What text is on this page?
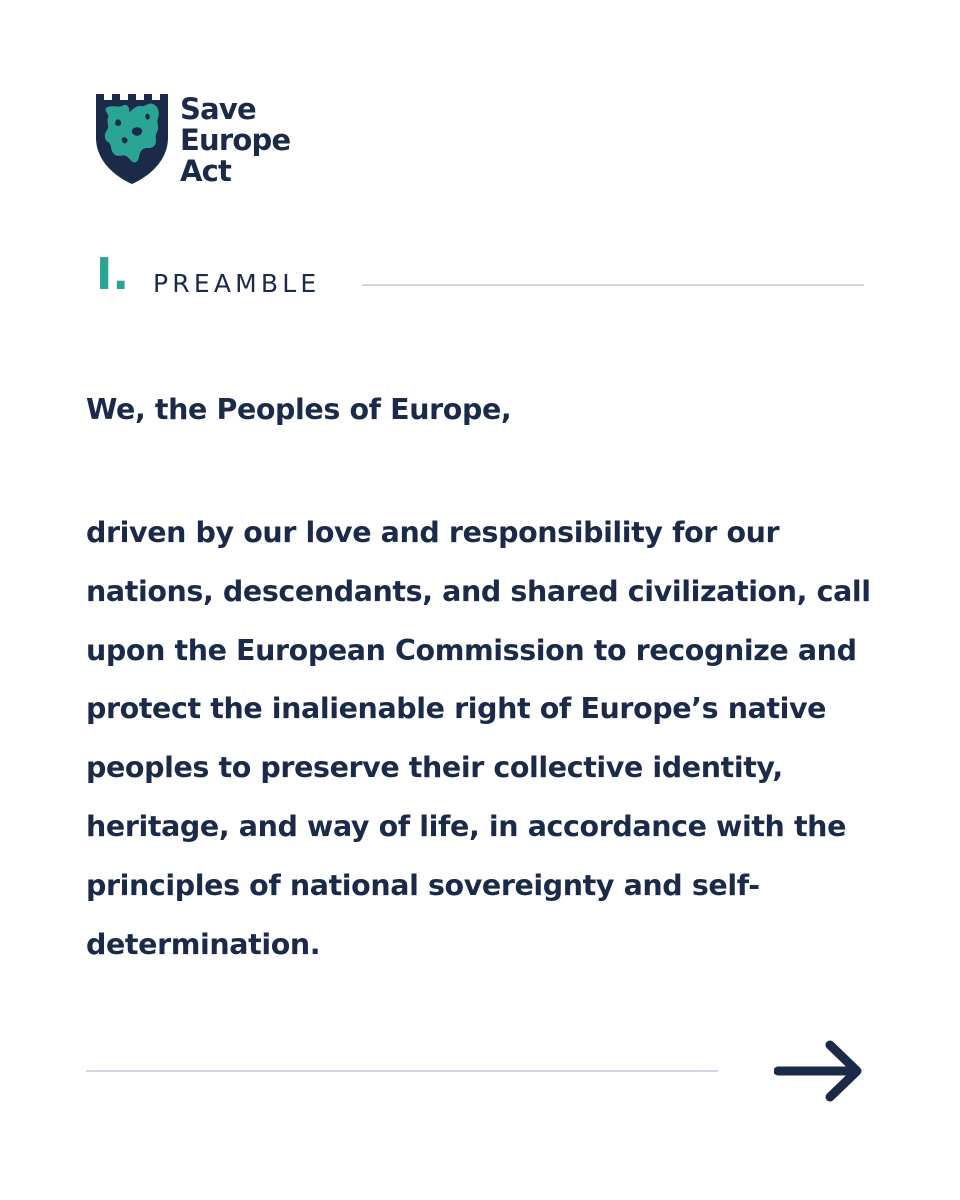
Save
Europe
Act
I. PREAMBLE

We, the Peoples of Europe,

driven by our love and responsibility for our nations, descendants, and shared civilization, call upon the European Commission to recognize and protect the inalienable right of Europe’s native peoples to preserve their collective identity, heritage, and way of life, in accordance with the principles of national sovereignty and self-determination.
